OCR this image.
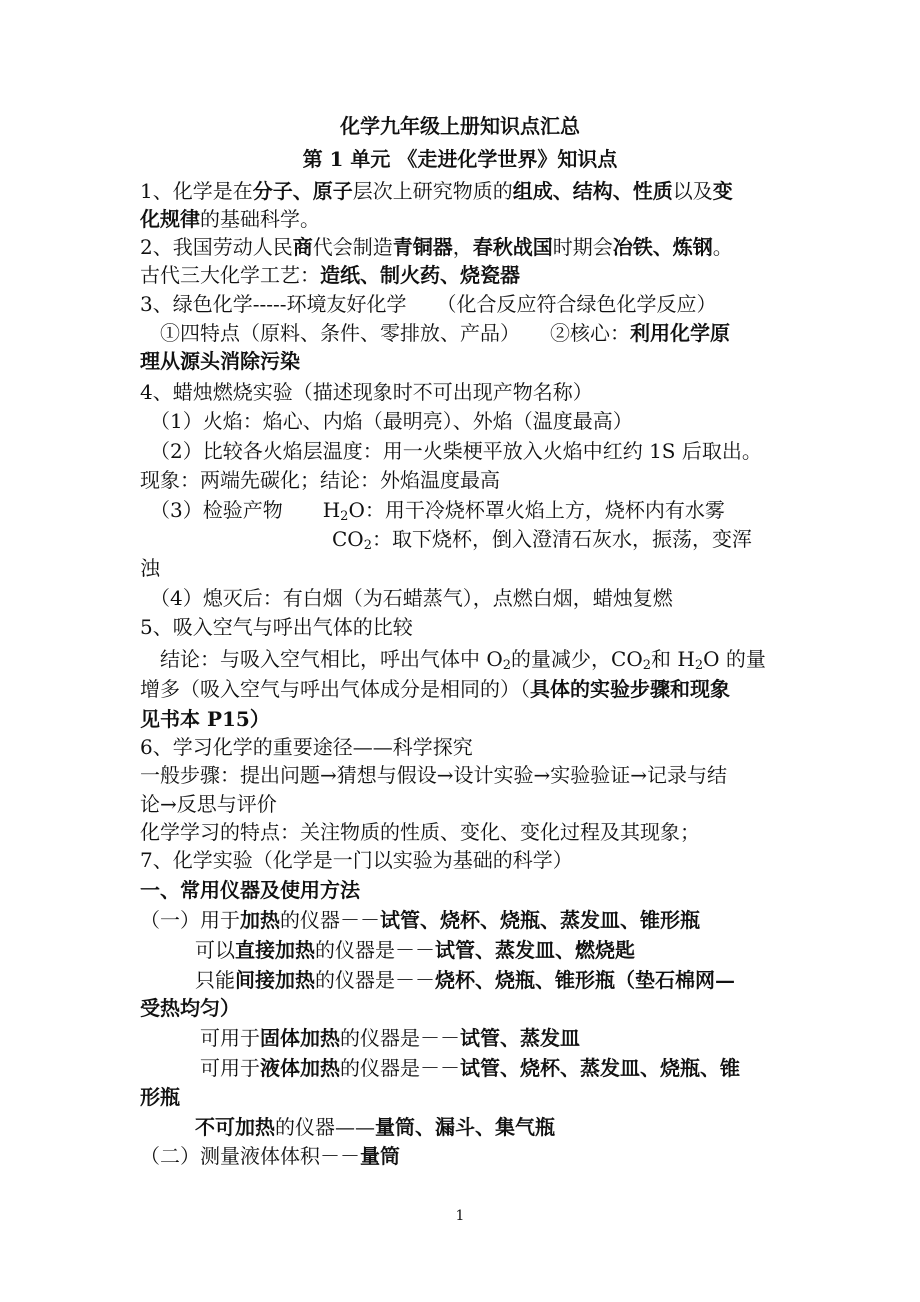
化学九年级上册知识点汇总
第 1 单元 《走进化学世界》知识点
1、化学是在分子、原子层次上研究物质的组成、结构、性质以及变
化规律的基础科学。
2、我国劳动人民商代会制造青铜器，春秋战国时期会冶铁、炼钢。
古代三大化学工艺：造纸、制火药、烧瓷器
3、绿色化学-----环境友好化学　　（化合反应符合绿色化学反应）
①四特点（原料、条件、零排放、产品）　　②核心：利用化学原
理从源头消除污染
4、蜡烛燃烧实验（描述现象时不可出现产物名称）
（1）火焰：焰心、内焰（最明亮）、外焰（温度最高）
（2）比较各火焰层温度：用一火柴梗平放入火焰中红约 1S 后取出。
现象：两端先碳化；结论：外焰温度最高
（3）检验产物　　$H_2O$：用干冷烧杯罩火焰上方，烧杯内有水雾
$CO_2$：取下烧杯，倒入澄清石灰水，振荡，变浑
浊
（4）熄灭后：有白烟（为石蜡蒸气），点燃白烟，蜡烛复燃
5、吸入空气与呼出气体的比较
结论：与吸入空气相比，呼出气体中 $O_2$的量减少，$CO_2$和 $H_2O$ 的量
增多（吸入空气与呼出气体成分是相同的）（具体的实验步骤和现象
见书本 P15）
6、学习化学的重要途径——科学探究
一般步骤：提出问题→猜想与假设→设计实验→实验验证→记录与结
论→反思与评价
化学学习的特点：关注物质的性质、变化、变化过程及其现象；
7、化学实验（化学是一门以实验为基础的科学）
一、常用仪器及使用方法
（一）用于加热的仪器－－试管、烧杯、烧瓶、蒸发皿、锥形瓶
可以直接加热的仪器是－－试管、蒸发皿、燃烧匙
只能间接加热的仪器是－－烧杯、烧瓶、锥形瓶（垫石棉网—
受热均匀）
可用于固体加热的仪器是－－试管、蒸发皿
可用于液体加热的仪器是－－试管、烧杯、蒸发皿、烧瓶、锥
形瓶
不可加热的仪器——量筒、漏斗、集气瓶
（二）测量液体体积－－量筒
1
